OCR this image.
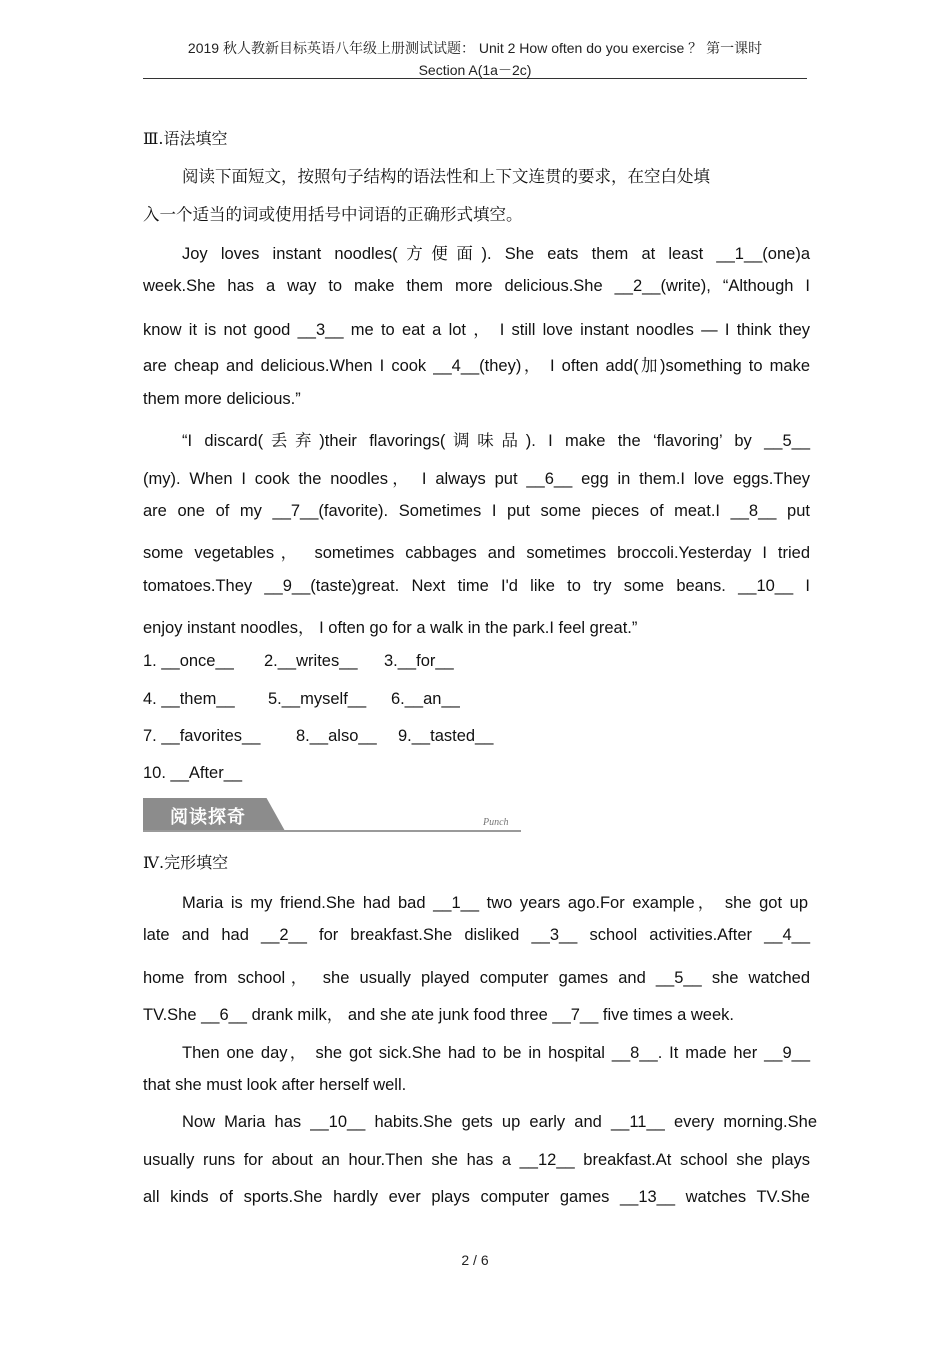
2019 秋人教新目标英语八年级上册测试试题： Unit 2 How often do you exercise ？ 第一课时
Section A(1a－2c)
Ⅲ.语法填空
阅读下面短文，按照句子结构的语法性和上下文连贯的要求，在空白处填
入一个适当的词或使用括号中词语的正确形式填空。
Joy loves instant noodles(方便面). She eats them at least __1__(one)a
week.She has a way to make them more delicious.She __2__(write), “Although I
know it is not good __3__ me to eat a lot ， I still love instant noodles — I think they
are cheap and delicious.When I cook __4__(they)， I often add(加)something to make
them more delicious.”
“I discard(丢弃)their flavorings(调味品). I make the ‘flavoring’ by __5__
(my). When I cook the noodles， I always put __6__ egg in them.I love eggs.They
are one of my __7__(favorite). Sometimes I put some pieces of meat.I __8__ put
some vegetables， sometimes cabbages and sometimes broccoli.Yesterday I tried
tomatoes.They __9__(taste)great. Next time I'd like to try some beans. __10__ I
enjoy instant noodles， I often go for a walk in the park.I feel great.”
1. __once__ 2.__writes__ 3.__for__
4. __them__ 5.__myself__ 6.__an__
7. __favorites__ 8.__also__ 9.__tasted__
10. __After__
阅读探奇	Punch
Ⅳ.完形填空
Maria is my friend.She had bad __1__ two years ago.For example， she got up
late and had __2__ for breakfast.She disliked __3__ school activities.After __4__
home from school， she usually played computer games and __5__ she watched
TV.She __6__ drank milk， and she ate junk food three __7__ five times a week.
Then one day， she got sick.She had to be in hospital __8__. It made her __9__
that she must look after herself well.
Now Maria has __10__ habits.She gets up early and __11__ every morning.She
usually runs for about an hour.Then she has a __12__ breakfast.At school she plays
all kinds of sports.She hardly ever plays computer games __13__ watches TV.She
2 / 6
